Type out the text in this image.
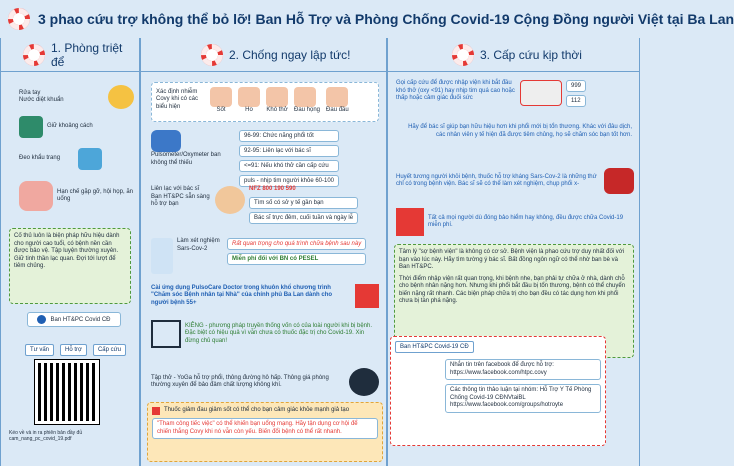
3 phao cứu trợ không thể bỏ lỡ! Ban Hỗ Trợ và Phòng Chống Covid-19 Cộng Đồng người Việt tại Ba Lan
1. Phòng triệt để
Rửa tay
Nước diệt khuẩn
Giữ khoảng cách
Đeo khẩu trang
Hạn chế gặp gỡ, hội họp, ăn uống
Cố thủ luôn là biện pháp hữu hiệu dành cho người cao tuổi, có bệnh nền cần được bảo vệ. Tập luyện thường xuyên. Giữ tinh thần lạc quan. Đợi tới lượt để tiêm chủng.
Ban HT&PC Covid CĐ
Tư vấn	Hỗ trợ	Cấp cứu
Kéo về và in ra phiên bản đầy đủ cam_nang_pc_covid_19.pdf
2. Chống ngay lập tức!
Xác định nhiễm Covy khi có các biểu hiện
Sốt	Ho	Khó thở Đau họng Đau đầu
Pulsometer/Oxymeter ban không thể thiếu
96-99: Chức năng phổi tốt
92-95: Liên lạc với bác sĩ
<=91: Nếu khó thở cần cấp cứu
puls - nhịp tim người khỏe 60-100
Liên lạc với bác sĩ Ban HT&PC sẵn sàng hỗ trợ bạn
NFZ 800 190 590
Tìm số có sở y tế gần bạn
Bác sĩ trực đêm, cuối tuần và ngày lễ
Làm xét nghiệm Sars-Cov-2
Rất quan trọng cho quá trình chữa bệnh sau này
Miễn phí đối với BN có PESEL
Cài ứng dụng PulsoCare Doctor trong khuôn khổ chương trình "Chăm sóc Bệnh nhân tại Nhà" của chính phủ Ba Lan dành cho người bệnh 55+
KIÊNG - phương pháp truyền thống vốn có của loài người khi bị bệnh. Đặc biệt có hiệu quả vì vẫn chưa có thuốc đặc trị cho Covid-19. Xin đừng chủ quan!
Tập thở - YoGa hỗ trợ phổi, thông đường hô hấp. Thông giá phòng thường xuyên để bảo đảm chất lượng không khí.
Thuốc giảm đau giảm sốt có thể cho bạn cảm giác khỏe mạnh giả tạo
"Tham công tiếc việc" có thể khiến bạn uổng mạng. Hãy tận dụng cơ hội để chiến thắng Covy khi nó vẫn còn yếu. Biến đổi bệnh có thể rất nhanh.
3. Cấp cứu kịp thời
Gọi cấp cứu để được nhập viện khi bắt đầu khó thở (oxy <91) hay nhịp tim quá cao hoặc thấp hoặc cảm giác đuối sức
999
112
Hãy để bác sĩ giúp bạn hữu hiệu hơn khi phổi mới bị tổn thương. Khác với đâu dịch, các nhân viên y tế hiện đã được tiêm chủng, họ sẽ chăm sóc bạn tốt hơn.
Huyết tương người khỏi bệnh, thuốc hỗ trợ kháng Sars-Cov-2 là những thứ chỉ có trong bệnh viện. Bác sĩ sẽ có thể làm xét nghiệm, chụp phổi x-
Tất cả mọi người dù đóng bảo hiểm hay không, đều được chữa Covid-19 miễn phí.
Tâm lý "sợ bệnh viện" là không có cơ sở. Bệnh viện là phao cứu trợ duy nhất đối với bạn vào lúc này. Hãy tìm tường ý bác sĩ. Bất đồng ngôn ngữ có thể nhờ ban bè và Ban HT&PC.
Thời điểm nhập viện rất quan trọng, khi bệnh nhe, bạn phải tự chữa ở nhà, dành chỗ cho bệnh nhân nặng hơn. Nhưng khi phổi bắt đầu bị tổn thương, bệnh có thể chuyển biến nặng rất nhanh. Các biện pháp chữa trị cho bạn đều có tác dụng hơn khi phổi chưa bị tàn phá nặng.
Ban HT&PC Covid-19 CĐ
Nhắn tin trên facebook để được hỗ trợ: https://www.facebook.com/htpc.covy
Các thông tin thảo luận tại nhóm: Hỗ Trợ Y Tế Phòng Chống Covid-19 CĐNVtaiBL https://www.facebook.com/groups/hotroyte
